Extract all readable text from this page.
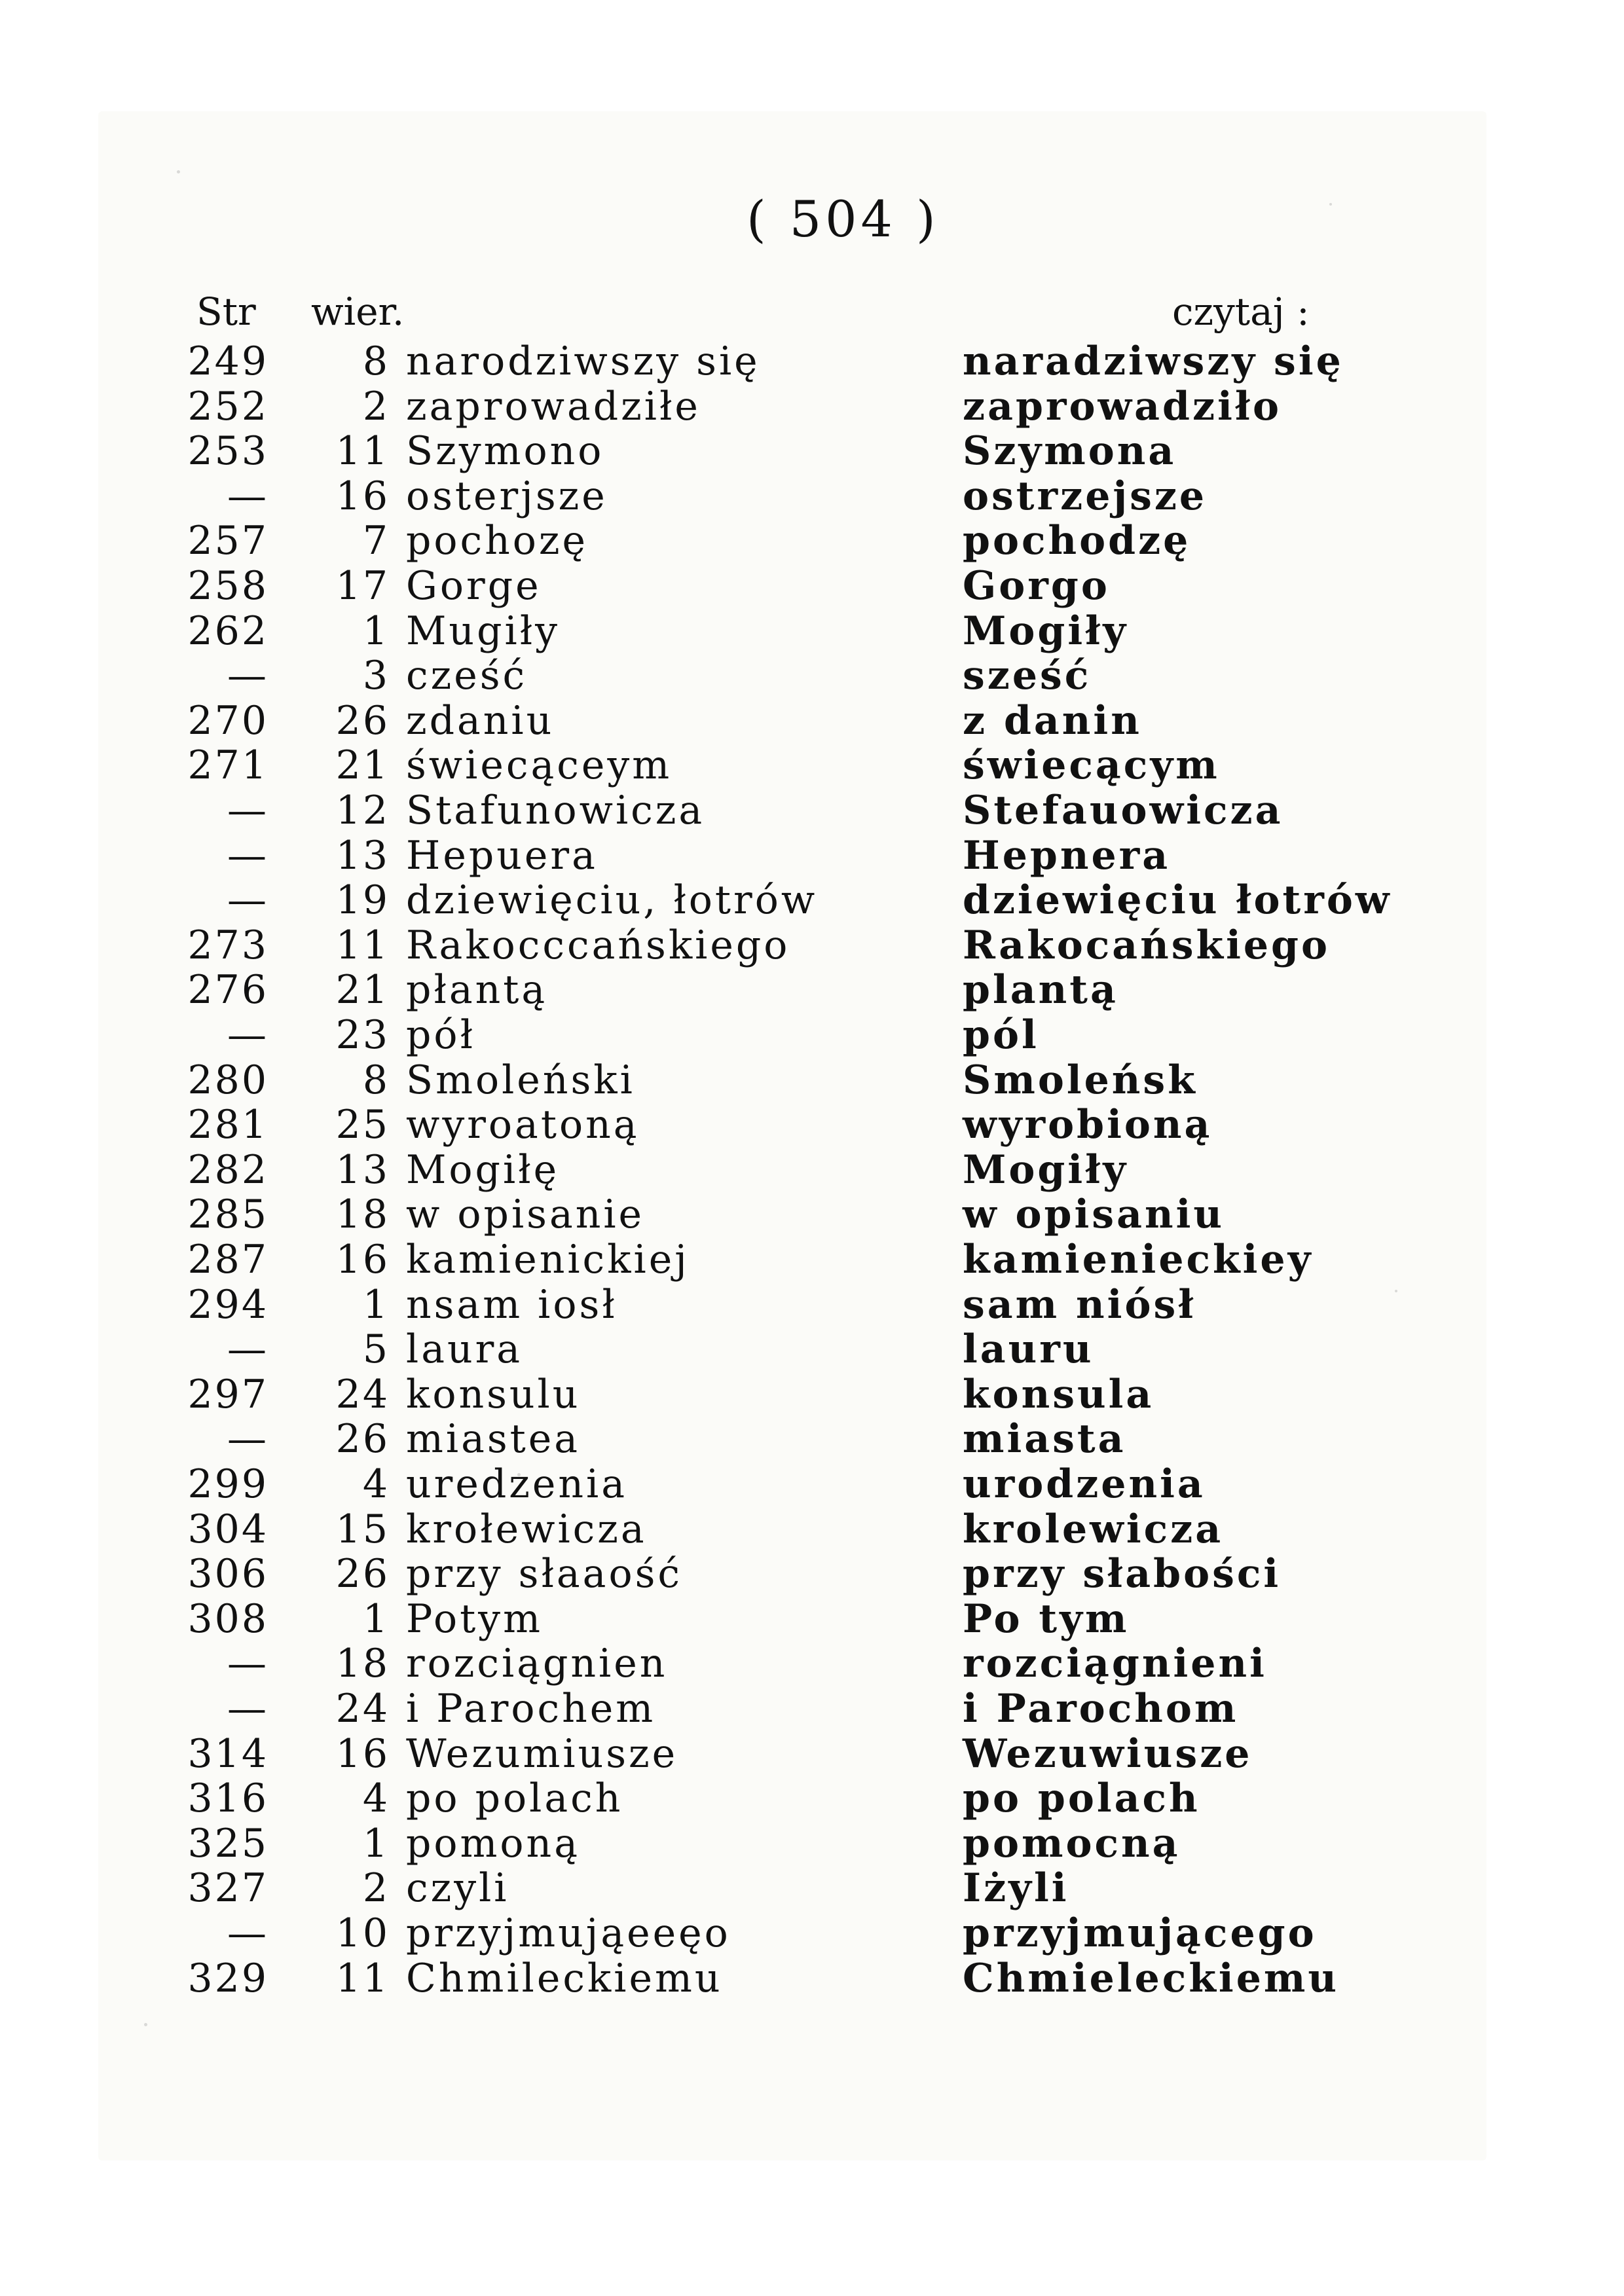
( 504 )
Str wier.	czytaj :
249 8 narodziwszy się	naradziwszy się
252 2 zaprowadziłe	zaprowadziło
253 11 Szymono	Szymona
— 16 osterjsze	ostrzejsze
257 7 pochozę	pochodzę
258 17 Gorge	Gorgo
262 1 Mugiły	Mogiły
— 3 cześć	sześć
270 26 zdaniu	z danin
271 21 świecąceym	świecącym
— 12 Stafunowicza	Stefauowicza
— 13 Hepuera	Hepnera
— 19 dziewięciu, łotrów	dziewięciu łotrów
273 11 Rakocccańskiego	Rakocańskiego
276 21 płantą	plantą
— 23 pół	pól
280 8 Smoleński	Smoleńsk
281 25 wyroatoną	wyrobioną
282 13 Mogiłę	Mogiły
285 18 w opisanie	w opisaniu
287 16 kamienickiej	kamienieckiey
294 1 nsam iosł	sam niósł
— 5 laura	lauru
297 24 konsulu	konsula
— 26 miastea	miasta
299 4 uredzenia	urodzenia
304 15 krołewicza	krolewicza
306 26 przy słaaość	przy słabości
308 1 Potym	Po tym
— 18 rozciągnien	rozciągnieni
— 24 i Parochem	i Parochom
314 16 Wezumiusze	Wezuwiusze
316 4 po polach	po polach
325 1 pomoną	pomocną
327 2 czyli	Iżyli
— 10 przyjmująeeęo	przyjmującego
329 11 Chmileckiemu	Chmieleckiemu
